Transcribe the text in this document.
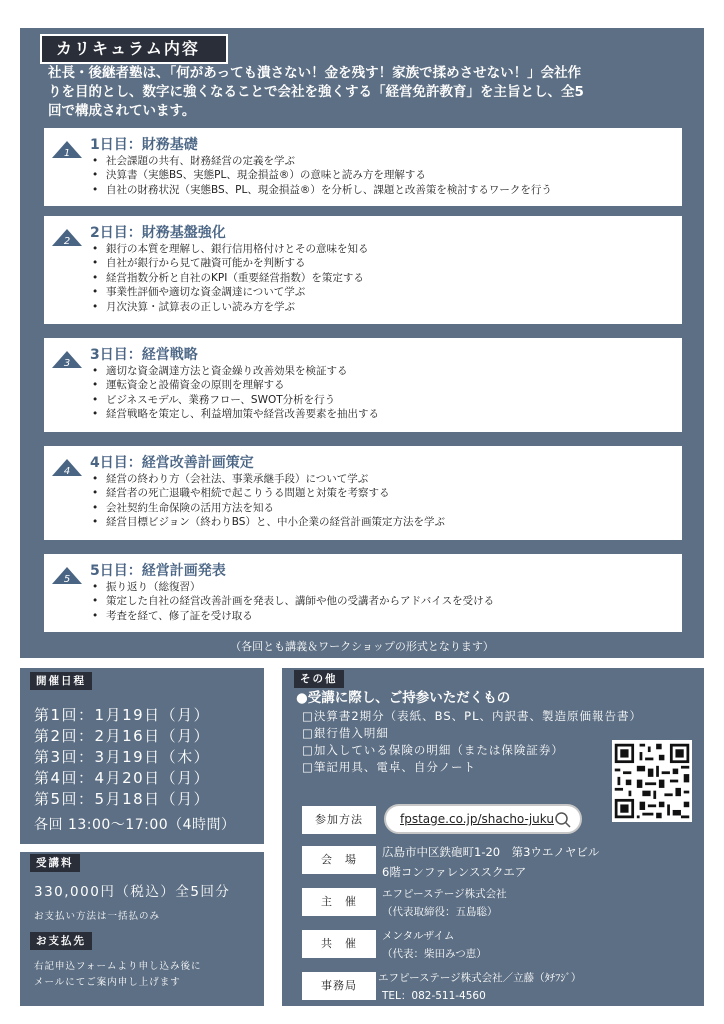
カリキュラム内容
社長・後継者塾は、「何があっても潰さない！金を残す！家族で揉めさせない！」会社作
りを目的とし、数字に強くなることで会社を強くする「経営免許教育」を主旨とし、全5
回で構成されています。
1
1日目：財務基礎
• 社会課題の共有、財務経営の定義を学ぶ
• 決算書（実態BS、実態PL、現金損益®）の意味と読み方を理解する
• 自社の財務状況（実態BS、PL、現金損益®）を分析し、課題と改善策を検討するワークを行う
2
2日目：財務基盤強化
• 銀行の本質を理解し、銀行信用格付けとその意味を知る
• 自社が銀行から見て融資可能かを判断する
• 経営指数分析と自社のKPI（重要経営指数）を策定する
• 事業性評価や適切な資金調達について学ぶ
• 月次決算・試算表の正しい読み方を学ぶ
3
3日目：経営戦略
• 適切な資金調達方法と資金繰り改善効果を検証する
• 運転資金と設備資金の原則を理解する
• ビジネスモデル、業務フロー、SWOT分析を行う
• 経営戦略を策定し、利益増加策や経営改善要素を抽出する
4
4日目：経営改善計画策定
• 経営の終わり方（会社法、事業承継手段）について学ぶ
• 経営者の死亡退職や相続で起こりうる問題と対策を考察する
• 会社契約生命保険の活用方法を知る
• 経営目標ビジョン（終わりBS）と、中小企業の経営計画策定方法を学ぶ
5
5日目：経営計画発表
• 振り返り（総復習）
• 策定した自社の経営改善計画を発表し、講師や他の受講者からアドバイスを受ける
• 考査を経て、修了証を受け取る
（各回とも講義＆ワークショップの形式となります）
開催日程
第1回：1月19日（月）
第2回：2月16日（月）
第3回：3月19日（木）
第4回：4月20日（月）
第5回：5月18日（月）
各回 13:00～17:00（4時間）
受講料
330,000円（税込）全5回分
お支払い方法は一括払のみ
お支払先
右記申込フォームより申し込み後に
メールにてご案内申し上げます
その他
●受講に際し、ご持参いただくもの
□決算書2期分（表紙、BS、PL、内訳書、製造原価報告書）
□銀行借入明細
□加入している保険の明細（または保険証券）
□筆記用具、電卓、自分ノート
参加方法	fpstage.co.jp/shacho-juku
会　場
広島市中区鉄砲町1-20　第3ウエノヤビル
6階コンファレンススクエア
主　催
エフピーステージ株式会社
（代表取締役：五島聡）
共　催
メンタルザイム
（代表：柴田みつ恵）
事務局
エフピーステージ株式会社／立藤（ﾀﾁﾌｼﾞ）
TEL：082-511-4560
